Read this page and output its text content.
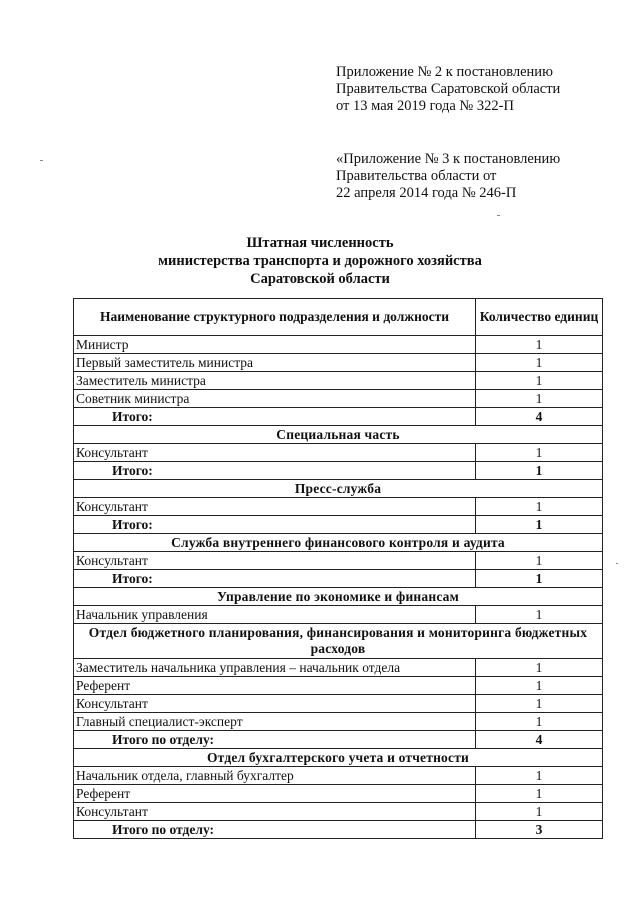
Приложение № 2 к постановлению
Правительства Саратовской области
от 13 мая 2019 года № 322-П
«Приложение № 3 к постановлению
Правительства области от
22 апреля 2014 года № 246-П
Штатная численность
министерства транспорта и дорожного хозяйства
Саратовской области
Наименование структурного подразделения и должности	Количество единиц
Министр	1
Первый заместитель министра	1
Заместитель министра	1
Советник министра	1
Итого:	4
Специальная часть	
Консультант	1
Итого:	1
Пресс-служба	
Консультант	1
Итого:	1
Служба внутреннего финансового контроля и аудита	
Консультант	1
Итого:	1
Управление по экономике и финансам	
Начальник управления	1
Отдел бюджетного планирования, финансирования и мониторинга бюджетных расходов	
Заместитель начальника управления – начальник отдела	1
Референт	1
Консультант	1
Главный специалист-эксперт	1
Итого по отделу:	4
Отдел бухгалтерского учета и отчетности	
Начальник отдела, главный бухгалтер	1
Референт	1
Консультант	1
Итого по отделу:	3
